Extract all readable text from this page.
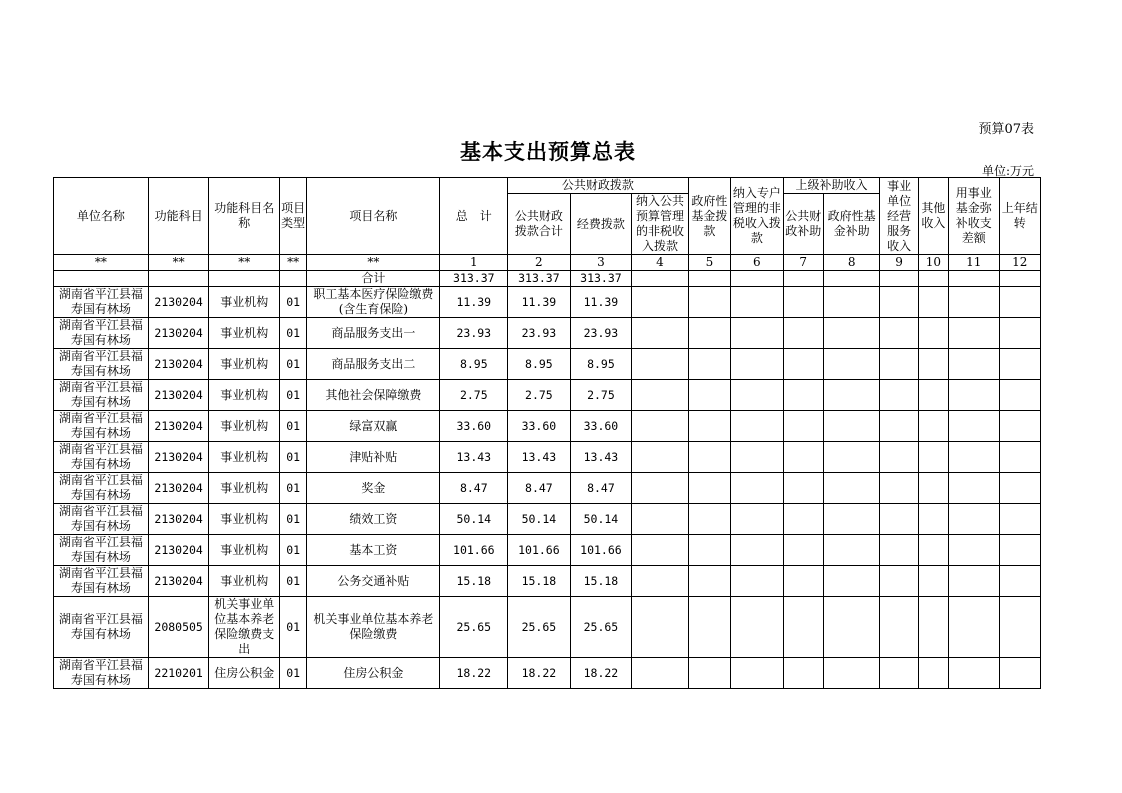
预算07表
基本支出预算总表
单位:万元
单位名称	功能科目	功能科目名称	项目类型	项目名称	总　计	公共财政拨款			政府性基金拨款	纳入专户管理的非税收入拨款	上级补助收入		事业单位经营服务收入	其他收入	用事业基金弥补收支差额	上年结转
						公共财政拨款合计	经费拨款	纳入公共预算管理的非税收入拨款								
											公共财政补助	政府性基金补助				
**	**	**	**	**	1	2	3	4	5	6	7	8	9	10	11	12
				合计	313.37	313.37	313.37									
湖南省平江县福寿国有林场	2130204	事业机构	01	职工基本医疗保险缴费(含生育保险)	11.39	11.39	11.39									
湖南省平江县福寿国有林场	2130204	事业机构	01	商品服务支出一	23.93	23.93	23.93									
湖南省平江县福寿国有林场	2130204	事业机构	01	商品服务支出二	8.95	8.95	8.95									
湖南省平江县福寿国有林场	2130204	事业机构	01	其他社会保障缴费	2.75	2.75	2.75									
湖南省平江县福寿国有林场	2130204	事业机构	01	绿富双赢	33.60	33.60	33.60									
湖南省平江县福寿国有林场	2130204	事业机构	01	津贴补贴	13.43	13.43	13.43									
湖南省平江县福寿国有林场	2130204	事业机构	01	奖金	8.47	8.47	8.47									
湖南省平江县福寿国有林场	2130204	事业机构	01	绩效工资	50.14	50.14	50.14									
湖南省平江县福寿国有林场	2130204	事业机构	01	基本工资	101.66	101.66	101.66									
湖南省平江县福寿国有林场	2130204	事业机构	01	公务交通补贴	15.18	15.18	15.18									
湖南省平江县福寿国有林场	2080505	机关事业单位基本养老保险缴费支出	01	机关事业单位基本养老保险缴费	25.65	25.65	25.65									
湖南省平江县福寿国有林场	2210201	住房公积金	01	住房公积金	18.22	18.22	18.22									
